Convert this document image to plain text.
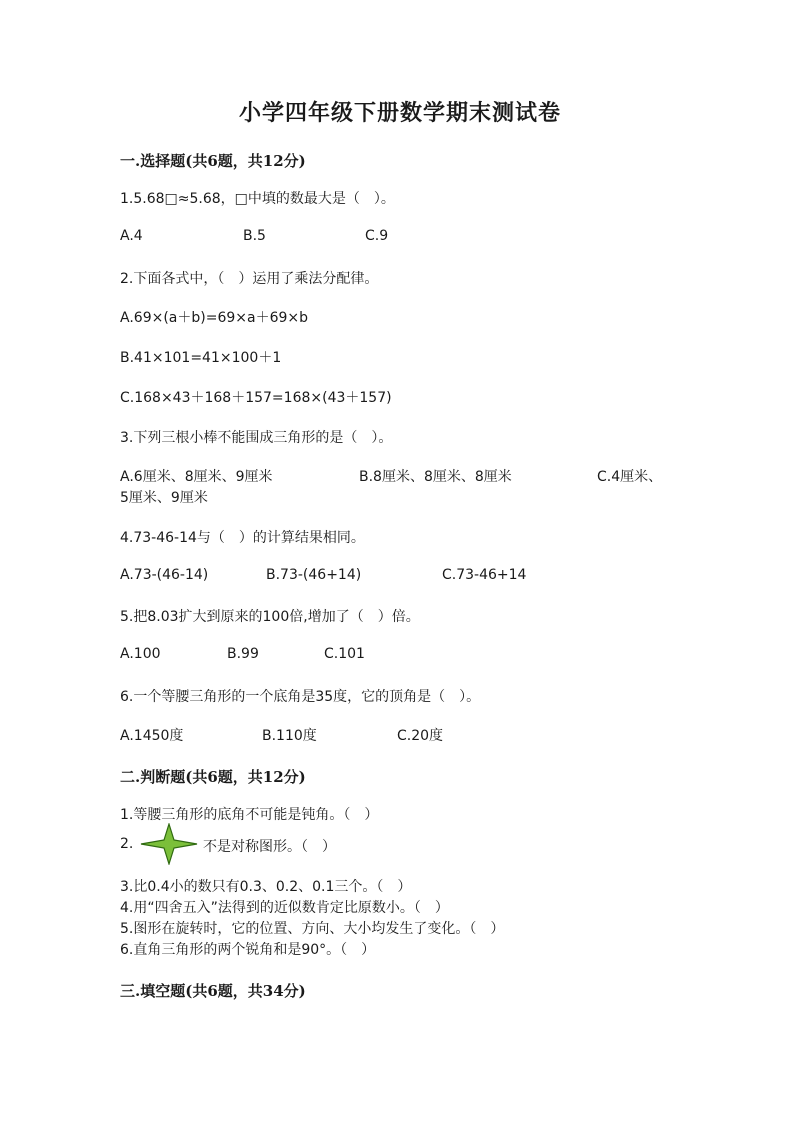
小学四年级下册数学期末测试卷
一.选择题(共6题，共12分)
1.5.68□≈5.68，□中填的数最大是（　）。
A.4	B.5	C.9
2.下面各式中，（　）运用了乘法分配律。
A.69×(a＋b)=69×a＋69×b
B.41×101=41×100＋1
C.168×43＋168＋157=168×(43＋157)
3.下列三根小棒不能围成三角形的是（　）。
A.6厘米、8厘米、9厘米	B.8厘米、8厘米、8厘米	C.4厘米、
5厘米、9厘米
4.73-46-14与（　）的计算结果相同。
A.73-(46-14)	B.73-(46+14)	C.73-46+14
5.把8.03扩大到原来的100倍,增加了（　）倍。
A.100	B.99	C.101
6.一个等腰三角形的一个底角是35度，它的顶角是（　）。
A.1450度	B.110度	C.20度
二.判断题(共6题，共12分)
1.等腰三角形的底角不可能是钝角。（　）
2.	不是对称图形。（　）
3.比0.4小的数只有0.3、0.2、0.1三个。（　）
4.用“四舍五入”法得到的近似数肯定比原数小。（　）
5.图形在旋转时，它的位置、方向、大小均发生了变化。（　）
6.直角三角形的两个锐角和是90°。（　）
三.填空题(共6题，共34分)
